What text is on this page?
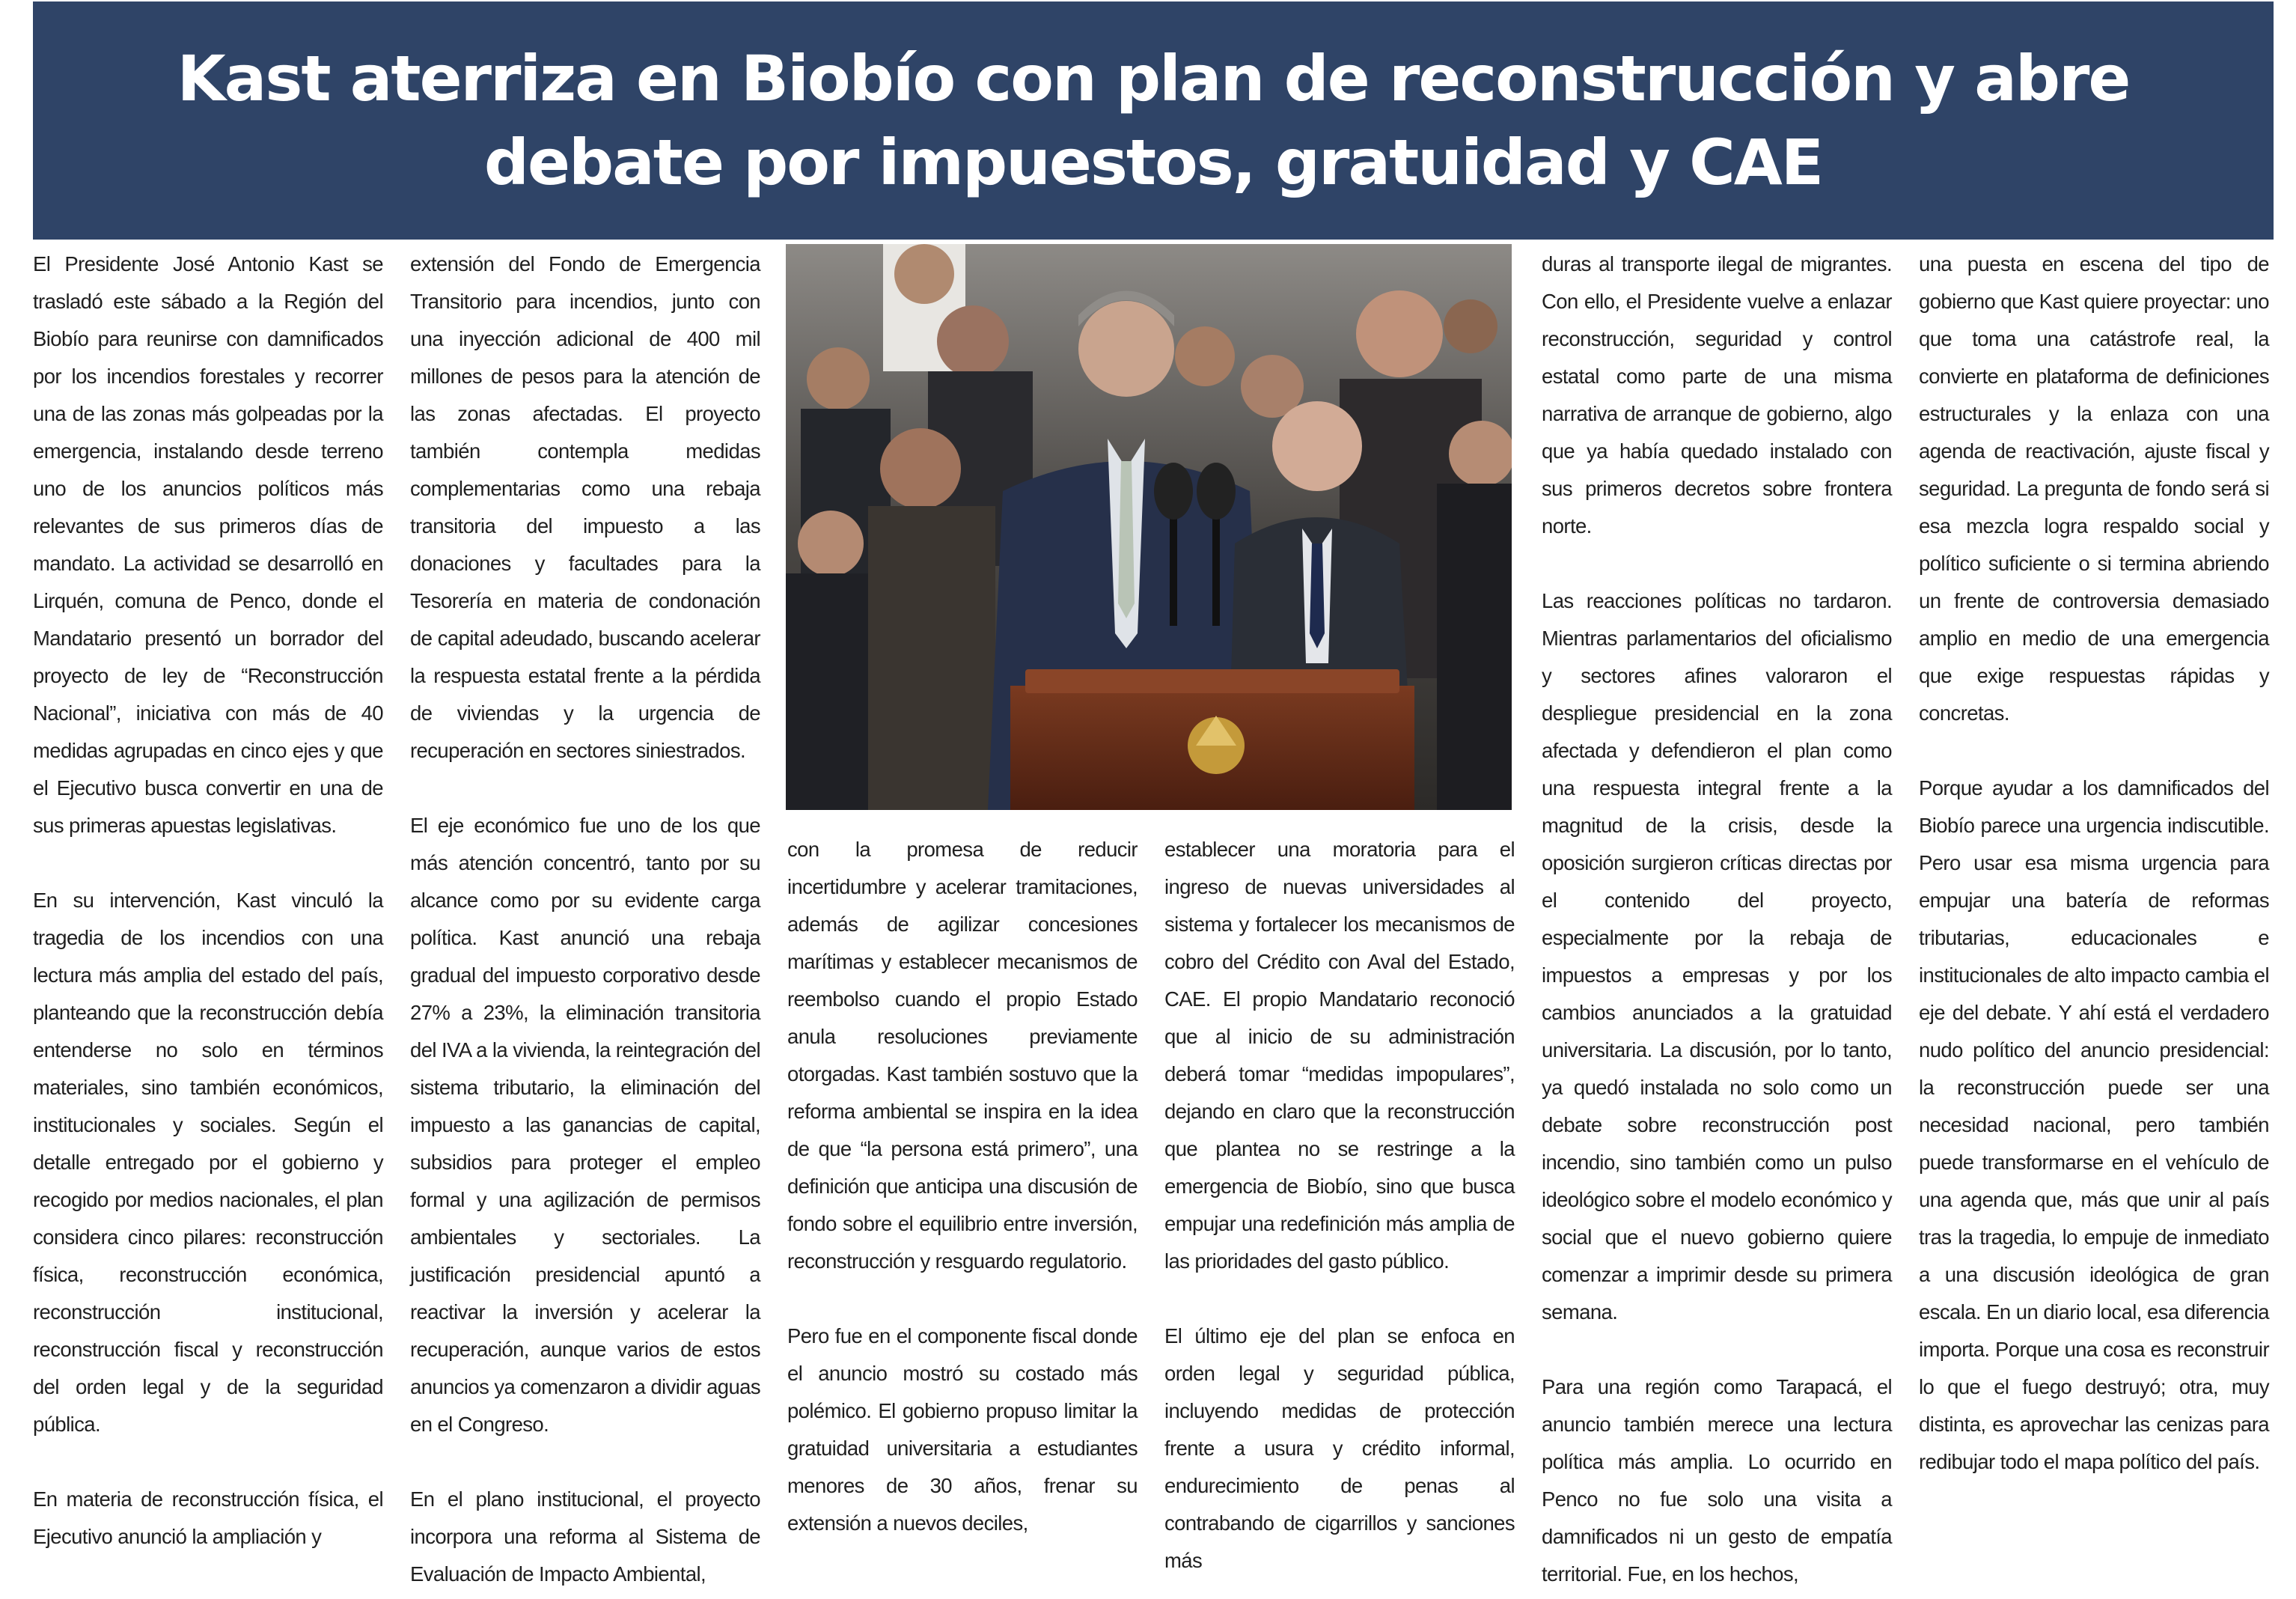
Kast aterriza en Biobío con plan de reconstrucción y abre debate por impuestos, gratuidad y CAE

El Presidente José Antonio Kast se trasladó este sábado a la Región del Biobío para reunirse con damnificados por los incendios forestales y recorrer una de las zonas más golpeadas por la emergencia, instalando desde terreno uno de los anuncios políticos más relevantes de sus primeros días de mandato. La actividad se desarrolló en Lirquén, comuna de Penco, donde el Mandatario presentó un borrador del proyecto de ley de “Reconstrucción Nacional”, iniciativa con más de 40 medidas agrupadas en cinco ejes y que el Ejecutivo busca convertir en una de sus primeras apuestas legislativas.

En su intervención, Kast vinculó la tragedia de los incendios con una lectura más amplia del estado del país, planteando que la reconstrucción debía entenderse no solo en términos materiales, sino también económicos, institucionales y sociales. Según el detalle entregado por el gobierno y recogido por medios nacionales, el plan considera cinco pilares: reconstrucción física, reconstrucción económica, reconstrucción institucional, reconstrucción fiscal y reconstrucción del orden legal y de la seguridad pública.

En materia de reconstrucción física, el Ejecutivo anunció la ampliación y

extensión del Fondo de Emergencia Transitorio para incendios, junto con una inyección adicional de 400 mil millones de pesos para la atención de las zonas afectadas. El proyecto también contempla medidas complementarias como una rebaja transitoria del impuesto a las donaciones y facultades para la Tesorería en materia de condonación de capital adeudado, buscando acelerar la respuesta estatal frente a la pérdida de viviendas y la urgencia de recuperación en sectores siniestrados.

El eje económico fue uno de los que más atención concentró, tanto por su alcance como por su evidente carga política. Kast anunció una rebaja gradual del impuesto corporativo desde 27% a 23%, la eliminación transitoria del IVA a la vivienda, la reintegración del sistema tributario, la eliminación del impuesto a las ganancias de capital, subsidios para proteger el empleo formal y una agilización de permisos ambientales y sectoriales. La justificación presidencial apuntó a reactivar la inversión y acelerar la recuperación, aunque varios de estos anuncios ya comenzaron a dividir aguas en el Congreso.

En el plano institucional, el proyecto incorpora una reforma al Sistema de Evaluación de Impacto Ambiental,

con la promesa de reducir incertidumbre y acelerar tramitaciones, además de agilizar concesiones marítimas y establecer mecanismos de reembolso cuando el propio Estado anula resoluciones previamente otorgadas. Kast también sostuvo que la reforma ambiental se inspira en la idea de que “la persona está primero”, una definición que anticipa una discusión de fondo sobre el equilibrio entre inversión, reconstrucción y resguardo regulatorio.

Pero fue en el componente fiscal donde el anuncio mostró su costado más polémico. El gobierno propuso limitar la gratuidad universitaria a estudiantes menores de 30 años, frenar su extensión a nuevos deciles,

establecer una moratoria para el ingreso de nuevas universidades al sistema y fortalecer los mecanismos de cobro del Crédito con Aval del Estado, CAE. El propio Mandatario reconoció que al inicio de su administración deberá tomar “medidas impopulares”, dejando en claro que la reconstrucción que plantea no se restringe a la emergencia de Biobío, sino que busca empujar una redefinición más amplia de las prioridades del gasto público.

El último eje del plan se enfoca en orden legal y seguridad pública, incluyendo medidas de protección frente a usura y crédito informal, endurecimiento de penas al contrabando de cigarrillos y sanciones más

duras al transporte ilegal de migrantes. Con ello, el Presidente vuelve a enlazar reconstrucción, seguridad y control estatal como parte de una misma narrativa de arranque de gobierno, algo que ya había quedado instalado con sus primeros decretos sobre frontera norte.

Las reacciones políticas no tardaron. Mientras parlamentarios del oficialismo y sectores afines valoraron el despliegue presidencial en la zona afectada y defendieron el plan como una respuesta integral frente a la magnitud de la crisis, desde la oposición surgieron críticas directas por el contenido del proyecto, especialmente por la rebaja de impuestos a empresas y por los cambios anunciados a la gratuidad universitaria. La discusión, por lo tanto, ya quedó instalada no solo como un debate sobre reconstrucción post incendio, sino también como un pulso ideológico sobre el modelo económico y social que el nuevo gobierno quiere comenzar a imprimir desde su primera semana.

Para una región como Tarapacá, el anuncio también merece una lectura política más amplia. Lo ocurrido en Penco no fue solo una visita a damnificados ni un gesto de empatía territorial. Fue, en los hechos,

una puesta en escena del tipo de gobierno que Kast quiere proyectar: uno que toma una catástrofe real, la convierte en plataforma de definiciones estructurales y la enlaza con una agenda de reactivación, ajuste fiscal y seguridad. La pregunta de fondo será si esa mezcla logra respaldo social y político suficiente o si termina abriendo un frente de controversia demasiado amplio en medio de una emergencia que exige respuestas rápidas y concretas.

Porque ayudar a los damnificados del Biobío parece una urgencia indiscutible. Pero usar esa misma urgencia para empujar una batería de reformas tributarias, educacionales e institucionales de alto impacto cambia el eje del debate. Y ahí está el verdadero nudo político del anuncio presidencial: la reconstrucción puede ser una necesidad nacional, pero también puede transformarse en el vehículo de una agenda que, más que unir al país tras la tragedia, lo empuje de inmediato a una discusión ideológica de gran escala. En un diario local, esa diferencia importa. Porque una cosa es reconstruir lo que el fuego destruyó; otra, muy distinta, es aprovechar las cenizas para redibujar todo el mapa político del país.
